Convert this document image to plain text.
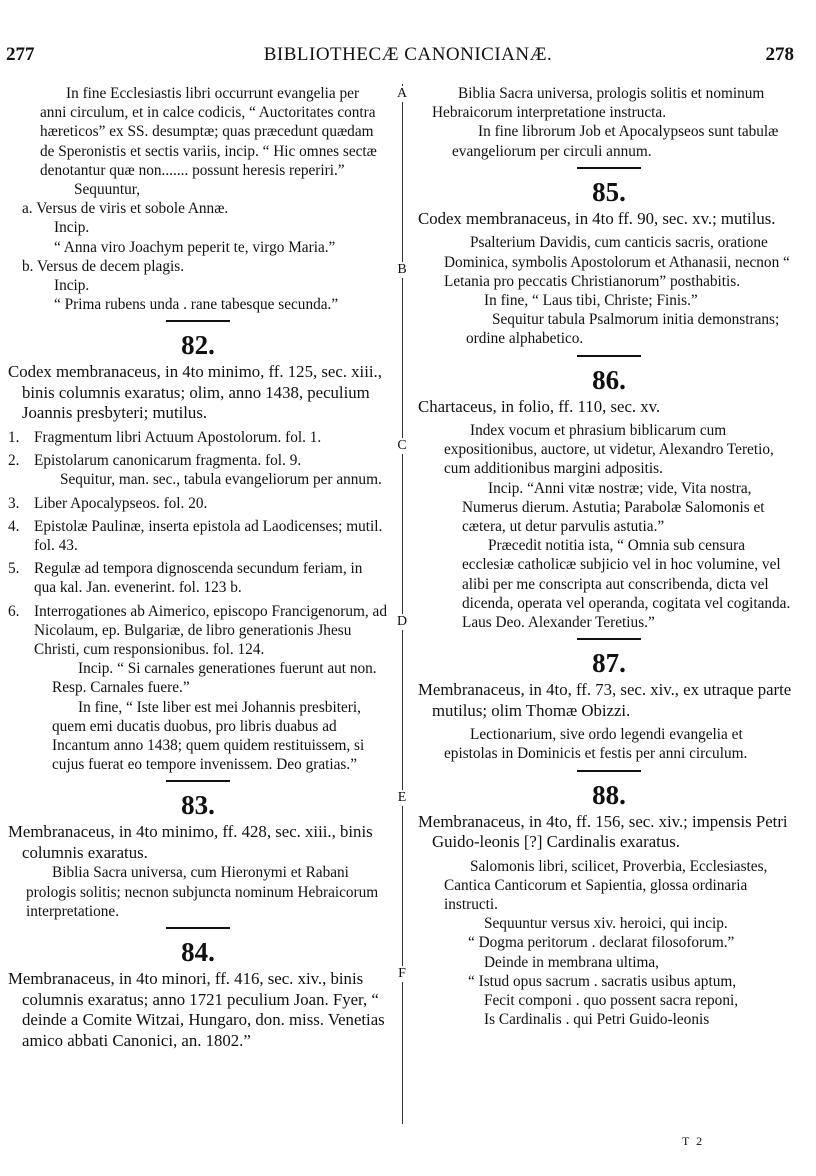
277	BIBLIOTHECÆ CANONICIANÆ.	278
A
B
C
D
E
F

In fine Ecclesiastis libri occurrunt evangelia per anni circulum, et in calce codicis, “ Auctoritates contra hæreticos” ex SS. desumptæ; quas præcedunt quædam de Speronistis et sectis variis, incip. “ Hic omnes sectæ denotantur quæ non....... possunt heresis reperiri.”

Sequuntur,

a. Versus de viris et sobole Annæ.

Incip.

“ Anna viro Joachym peperit te, virgo Maria.”

b. Versus de decem plagis.

Incip.

“ Prima rubens unda . rane tabesque secunda.”

82.

Codex membranaceus, in 4to minimo, ff. 125, sec. xiii., binis columnis exaratus; olim, anno 1438, peculium Joannis presbyteri; mutilus.

1. Fragmentum libri Actuum Apostolorum. fol. 1.

2. Epistolarum canonicarum fragmenta. fol. 9.

Sequitur, man. sec., tabula evangeliorum per annum.

3. Liber Apocalypseos. fol. 20.

4. Epistolæ Paulinæ, inserta epistola ad Laodicenses; mutil. fol. 43.

5. Regulæ ad tempora dignoscenda secundum feriam, in qua kal. Jan. evenerint. fol. 123 b.

6. Interrogationes ab Aimerico, episcopo Francigenorum, ad Nicolaum, ep. Bulgariæ, de libro generationis Jhesu Christi, cum responsionibus. fol. 124.

Incip. “ Si carnales generationes fuerunt aut non. Resp. Carnales fuere.”

In fine, “ Iste liber est mei Johannis presbiteri, quem emi ducatis duobus, pro libris duabus ad Incantum anno 1438; quem quidem restituissem, si cujus fuerat eo tempore invenissem. Deo gratias.”

83.

Membranaceus, in 4to minimo, ff. 428, sec. xiii., binis columnis exaratus.

Biblia Sacra universa, cum Hieronymi et Rabani prologis solitis; necnon subjuncta nominum Hebraicorum interpretatione.

84.

Membranaceus, in 4to minori, ff. 416, sec. xiv., binis columnis exaratus; anno 1721 peculium Joan. Fyer, “ deinde a Comite Witzai, Hungaro, don. miss. Venetias amico abbati Canonici, an. 1802.”

Biblia Sacra universa, prologis solitis et nominum Hebraicorum interpretatione instructa.

In fine librorum Job et Apocalypseos sunt tabulæ evangeliorum per circuli annum.

85.

Codex membranaceus, in 4to ff. 90, sec. xv.; mutilus.

Psalterium Davidis, cum canticis sacris, oratione Dominica, symbolis Apostolorum et Athanasii, necnon “ Letania pro peccatis Christianorum” posthabitis.

In fine, “ Laus tibi, Christe; Finis.”

Sequitur tabula Psalmorum initia demonstrans; ordine alphabetico.

86.

Chartaceus, in folio, ff. 110, sec. xv.

Index vocum et phrasium biblicarum cum expositionibus, auctore, ut videtur, Alexandro Teretio, cum additionibus margini adpositis.

Incip. “Anni vitæ nostræ; vide, Vita nostra, Numerus dierum. Astutia; Parabolæ Salomonis et cætera, ut detur parvulis astutia.”

Præcedit notitia ista, “ Omnia sub censura ecclesiæ catholicæ subjicio vel in hoc volumine, vel alibi per me conscripta aut conscribenda, dicta vel dicenda, operata vel operanda, cogitata vel cogitanda. Laus Deo. Alexander Teretius.”

87.

Membranaceus, in 4to, ff. 73, sec. xiv., ex utraque parte mutilus; olim Thomæ Obizzi.

Lectionarium, sive ordo legendi evangelia et epistolas in Dominicis et festis per anni circulum.

88.

Membranaceus, in 4to, ff. 156, sec. xiv.; impensis Petri Guido-leonis [?] Cardinalis exaratus.

Salomonis libri, scilicet, Proverbia, Ecclesiastes, Cantica Canticorum et Sapientia, glossa ordinaria instructi.

Sequuntur versus xiv. heroici, qui incip.

“ Dogma peritorum . declarat filosoforum.”

Deinde in membrana ultima,

“ Istud opus sacrum . sacratis usibus aptum,

Fecit componi . quo possent sacra reponi,

Is Cardinalis . qui Petri Guido-leonis

T 2
